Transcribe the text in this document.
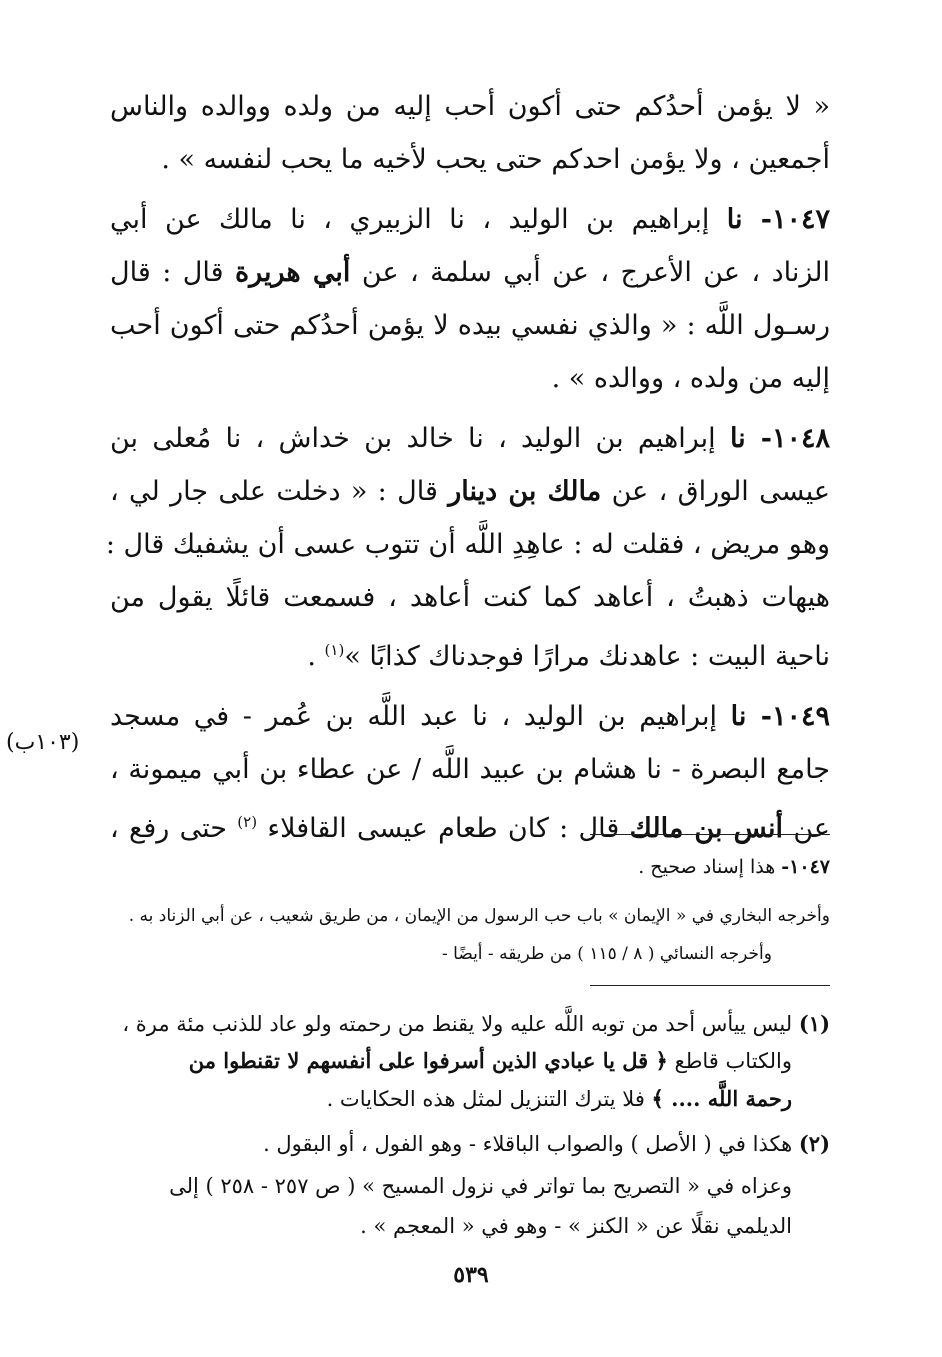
« لا يؤمن أحدُكم حتى أكون أحب إليه من ولده ووالده والناس
أجمعين ، ولا يؤمن احدكم حتى يحب لأخيه ما يحب لنفسه » .
١٠٤٧- نا إبراهيم بن الوليد ، نا الزبيري ، نا مالك عن أبي
الزناد ، عن الأعرج ، عن أبي سلمة ، عن أبي هريرة قال : قال
رسـول اللَّه : « والذي نفسي بيده لا يؤمن أحدُكم حتى أكون أحب
إليه من ولده ، ووالده » .
١٠٤٨- نا إبراهيم بن الوليد ، نا خالد بن خداش ، نا مُعلى بن
عيسى الوراق ، عن مالك بن دينار قال : « دخلت على جار لي ،
وهو مريض ، فقلت له : عاهِدِ اللَّه أن تتوب عسى أن يشفيك قال :
هيهات ذهبتُ ، أعاهد كما كنت أعاهد ، فسمعت قائلًا يقول من
ناحية البيت : عاهدنك مرارًا فوجدناك كذابًا »$^{(١)}$ .
١٠٤٩- نا إبراهيم بن الوليد ، نا عبد اللَّه بن عُمر - في مسجد
جامع البصرة - نا هشام بن عبيد اللَّه / عن عطاء بن أبي ميمونة ،
عن أنس بن مالك قال : كان طعام عيسى القافلاء $^{(٢)}$ حتى رفع ،
(١٠٣ب)
١٠٤٧- هذا إسناد صحيح .
وأخرجه البخاري في « الإيمان » باب حب الرسول من الإيمان ، من طريق شعيب ، عن أبي الزناد به .
وأخرجه النسائي ( ٨ / ١١٥ ) من طريقه - أيضًا -
(١) ليس ييأس أحد من توبه اللَّه عليه ولا يقنط من رحمته ولو عاد للذنب مئة مرة ،
والكتاب قاطع ﴿ قل يا عبادي الذين أسرفوا على أنفسهم لا تقنطوا من
رحمة اللَّه .... ﴾ فلا يترك التنزيل لمثل هذه الحكايات .
(٢) هكذا في ( الأصل ) والصواب الباقلاء - وهو الفول ، أو البقول .
وعزاه في « التصريح بما تواتر في نزول المسيح » ( ص ٢٥٧ - ٢٥٨ ) إلى
الديلمي نقلًا عن « الكنز » - وهو في « المعجم » .
٥٣٩
